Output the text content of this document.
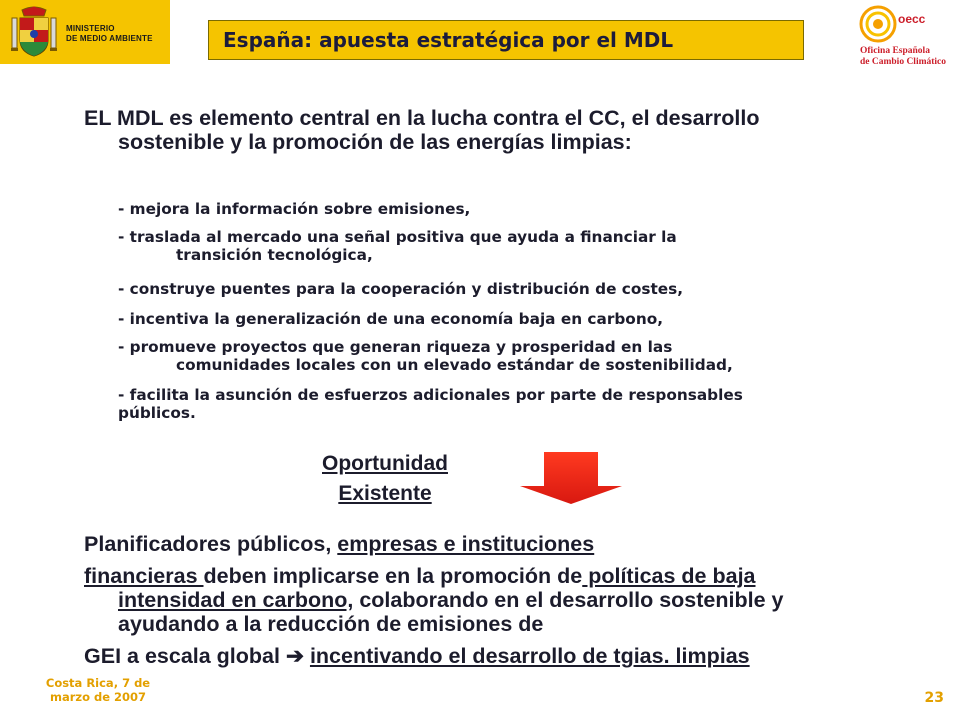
MINISTERIO
DE MEDIO AMBIENTE	España: apuesta estratégica por el MDL
oecc
Oficina Española
de Cambio Climático
EL MDL es elemento central en la lucha contra el CC, el desarrollo
sostenible y la promoción de las energías limpias:
- mejora la información sobre emisiones,
- traslada al mercado una señal positiva que ayuda a financiar la
transición tecnológica,
- construye puentes para la cooperación y distribución de costes,
- incentiva la generalización de una economía baja en carbono,
- promueve proyectos que generan riqueza y prosperidad en las
comunidades locales con un elevado estándar de sostenibilidad,
- facilita la asunción de esfuerzos adicionales por parte de responsables
públicos.
Oportunidad
Existente
Planificadores públicos, empresas e instituciones
financieras deben implicarse en la promoción de políticas de baja
intensidad en carbono, colaborando en el desarrollo sostenible y
ayudando a la reducción de emisiones de
GEI a escala global ➔ incentivando el desarrollo de tgias. limpias
Costa Rica, 7 de
marzo de 2007	23
